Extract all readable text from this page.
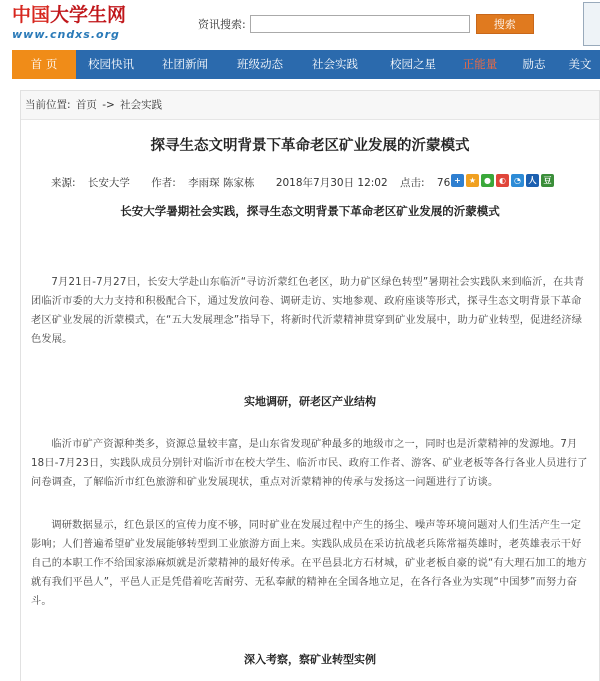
中国大学生网
www.cndxs.org
资讯搜索:	搜索
首 页	校园快讯	社团新闻	班级动态	社会实践	校园之星	正能量	励志	美文
当前位置: 首页 -> 社会实践
探寻生态文明背景下革命老区矿业发展的沂蒙模式
来源: 长安大学 作者: 李雨琛 陈家栋 2018年7月30日 12:02 点击: 76 +	★ ●	◐	◔ 人 豆
长安大学暑期社会实践，探寻生态文明背景下革命老区矿业发展的沂蒙模式

7月21日-7月27日，长安大学赴山东临沂“寻访沂蒙红色老区，助力矿区绿色转型”暑期社会实践队来到临沂，在共青团临沂市委的大力支持和积极配合下，通过发放问卷、调研走访、实地参观、政府座谈等形式，探寻生态文明背景下革命老区矿业发展的沂蒙模式，在“五大发展理念”指导下，将新时代沂蒙精神贯穿到矿业发展中，助力矿业转型，促进经济绿色发展。

实地调研，研老区产业结构

临沂市矿产资源种类多，资源总量较丰富，是山东省发现矿种最多的地级市之一，同时也是沂蒙精神的发源地。7月18日-7月23日，实践队成员分别针对临沂市在校大学生、临沂市民、政府工作者、游客、矿业老板等各行各业人员进行了问卷调查，了解临沂市红色旅游和矿业发展现状，重点对沂蒙精神的传承与发扬这一问题进行了访谈。

调研数据显示，红色景区的宣传力度不够，同时矿业在发展过程中产生的扬尘、噪声等环境问题对人们生活产生一定影响；人们普遍希望矿业发展能够转型到工业旅游方面上来。实践队成员在采访抗战老兵陈常福英雄时，老英雄表示干好自己的本职工作不给国家添麻烦就是沂蒙精神的最好传承。在平邑县北方石材城，矿业老板自豪的说“有大理石加工的地方就有我们平邑人”，平邑人正是凭借着吃苦耐劳、无私奉献的精神在全国各地立足，在各行各业为实现“中国梦”而努力奋斗。

深入考察，察矿业转型实例
